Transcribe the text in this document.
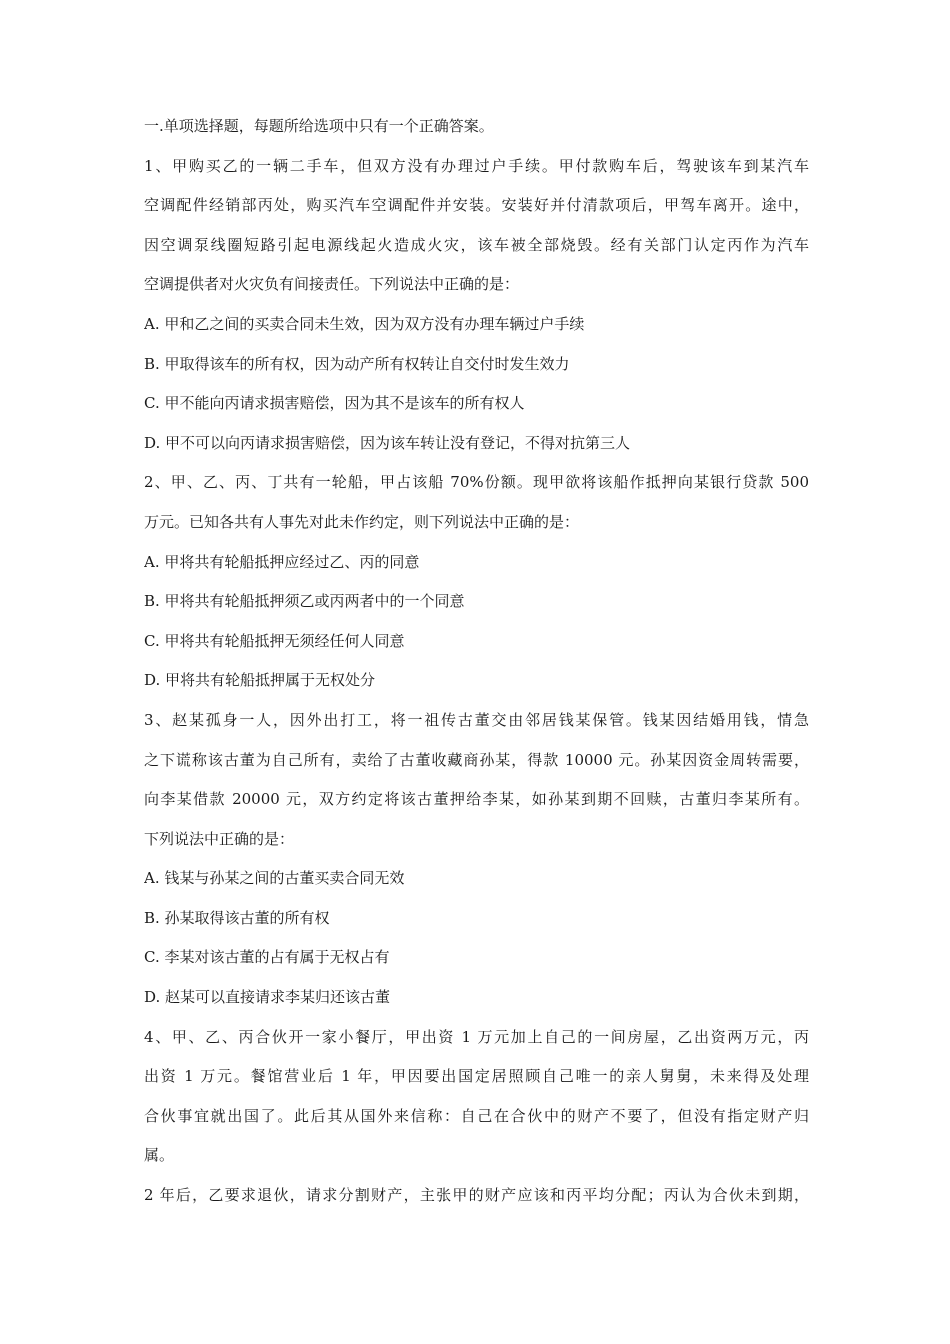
一.单项选择题，每题所给选项中只有一个正确答案。
1、甲购买乙的一辆二手车，但双方没有办理过户手续。甲付款购车后，驾驶该车到某汽车
空调配件经销部丙处，购买汽车空调配件并安装。安装好并付清款项后，甲驾车离开。途中，
因空调泵线圈短路引起电源线起火造成火灾，该车被全部烧毁。经有关部门认定丙作为汽车
空调提供者对火灾负有间接责任。下列说法中正确的是：
A. 甲和乙之间的买卖合同未生效，因为双方没有办理车辆过户手续
B. 甲取得该车的所有权，因为动产所有权转让自交付时发生效力
C. 甲不能向丙请求损害赔偿，因为其不是该车的所有权人
D. 甲不可以向丙请求损害赔偿，因为该车转让没有登记，不得对抗第三人
2、甲、乙、丙、丁共有一轮船，甲占该船 70%份额。现甲欲将该船作抵押向某银行贷款 500
万元。已知各共有人事先对此未作约定，则下列说法中正确的是：
A. 甲将共有轮船抵押应经过乙、丙的同意
B. 甲将共有轮船抵押须乙或丙两者中的一个同意
C. 甲将共有轮船抵押无须经任何人同意
D. 甲将共有轮船抵押属于无权处分
3、赵某孤身一人，因外出打工，将一祖传古董交由邻居钱某保管。钱某因结婚用钱，情急
之下谎称该古董为自己所有，卖给了古董收藏商孙某，得款 10000 元。孙某因资金周转需要，
向李某借款 20000 元，双方约定将该古董押给李某，如孙某到期不回赎，古董归李某所有。
下列说法中正确的是：
A. 钱某与孙某之间的古董买卖合同无效
B. 孙某取得该古董的所有权
C. 李某对该古董的占有属于无权占有
D. 赵某可以直接请求李某归还该古董
4、甲、乙、丙合伙开一家小餐厅，甲出资 1 万元加上自己的一间房屋，乙出资两万元，丙
出资 1 万元。餐馆营业后 1 年，甲因要出国定居照顾自己唯一的亲人舅舅，未来得及处理
合伙事宜就出国了。此后其从国外来信称：自己在合伙中的财产不要了，但没有指定财产归
属。
2 年后，乙要求退伙，请求分割财产，主张甲的财产应该和丙平均分配；丙认为合伙未到期，
